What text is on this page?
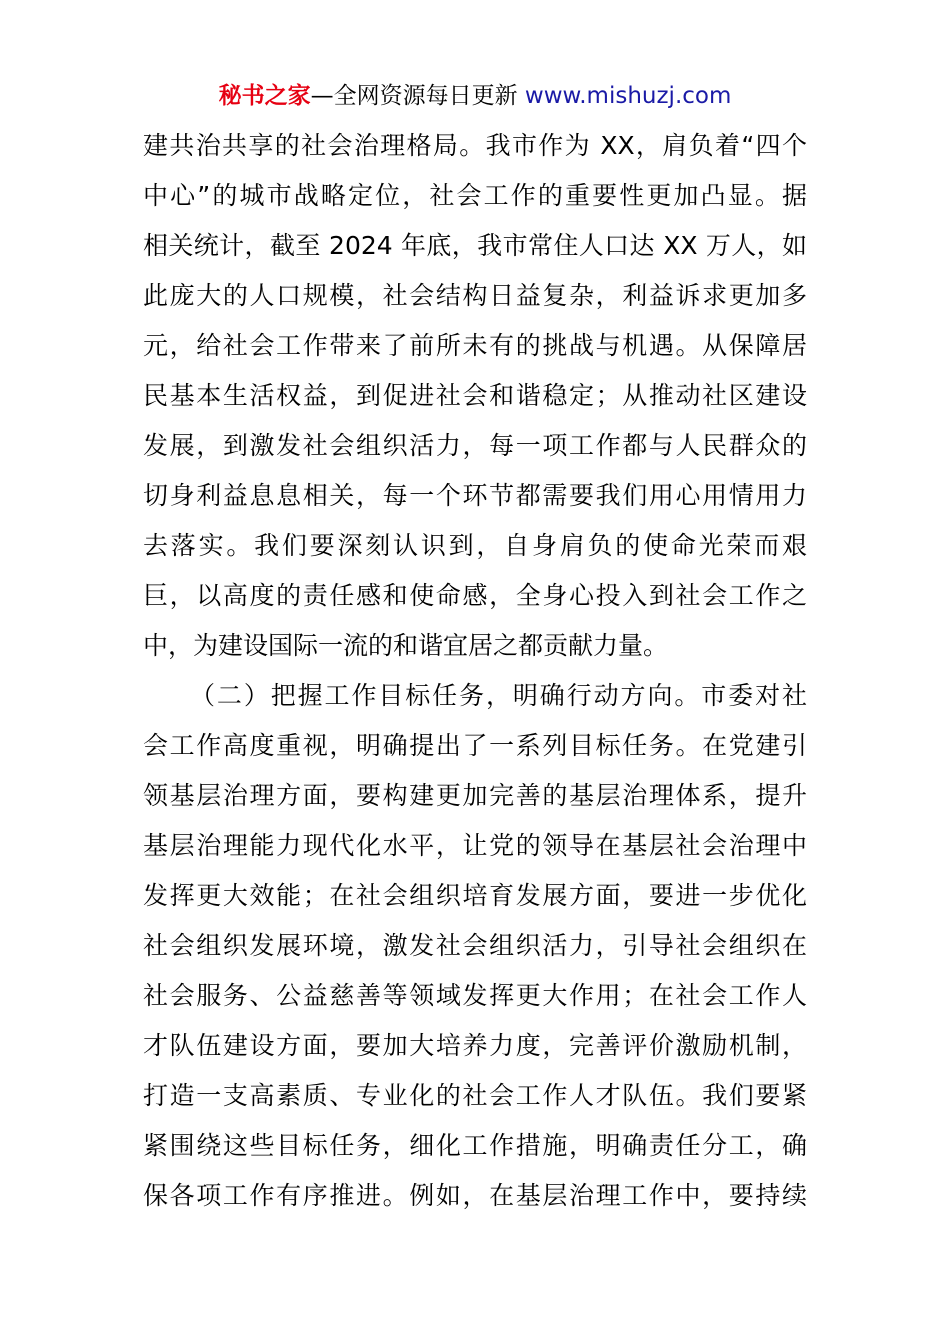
秘书之家—全网资源每日更新 www.mishuzj.com
建共治共享的社会治理格局。我市作为 XX，肩负着“四个
中心”的城市战略定位，社会工作的重要性更加凸显。据
相关统计，截至 2024 年底，我市常住人口达 XX 万人，如
此庞大的人口规模，社会结构日益复杂，利益诉求更加多
元，给社会工作带来了前所未有的挑战与机遇。从保障居
民基本生活权益，到促进社会和谐稳定；从推动社区建设
发展，到激发社会组织活力，每一项工作都与人民群众的
切身利益息息相关，每一个环节都需要我们用心用情用力
去落实。我们要深刻认识到，自身肩负的使命光荣而艰
巨，以高度的责任感和使命感，全身心投入到社会工作之
中，为建设国际一流的和谐宜居之都贡献力量。
（二）把握工作目标任务，明确行动方向。市委对社
会工作高度重视，明确提出了一系列目标任务。在党建引
领基层治理方面，要构建更加完善的基层治理体系，提升
基层治理能力现代化水平，让党的领导在基层社会治理中
发挥更大效能；在社会组织培育发展方面，要进一步优化
社会组织发展环境，激发社会组织活力，引导社会组织在
社会服务、公益慈善等领域发挥更大作用；在社会工作人
才队伍建设方面，要加大培养力度，完善评价激励机制，
打造一支高素质、专业化的社会工作人才队伍。我们要紧
紧围绕这些目标任务，细化工作措施，明确责任分工，确
保各项工作有序推进。例如，在基层治理工作中，要持续
